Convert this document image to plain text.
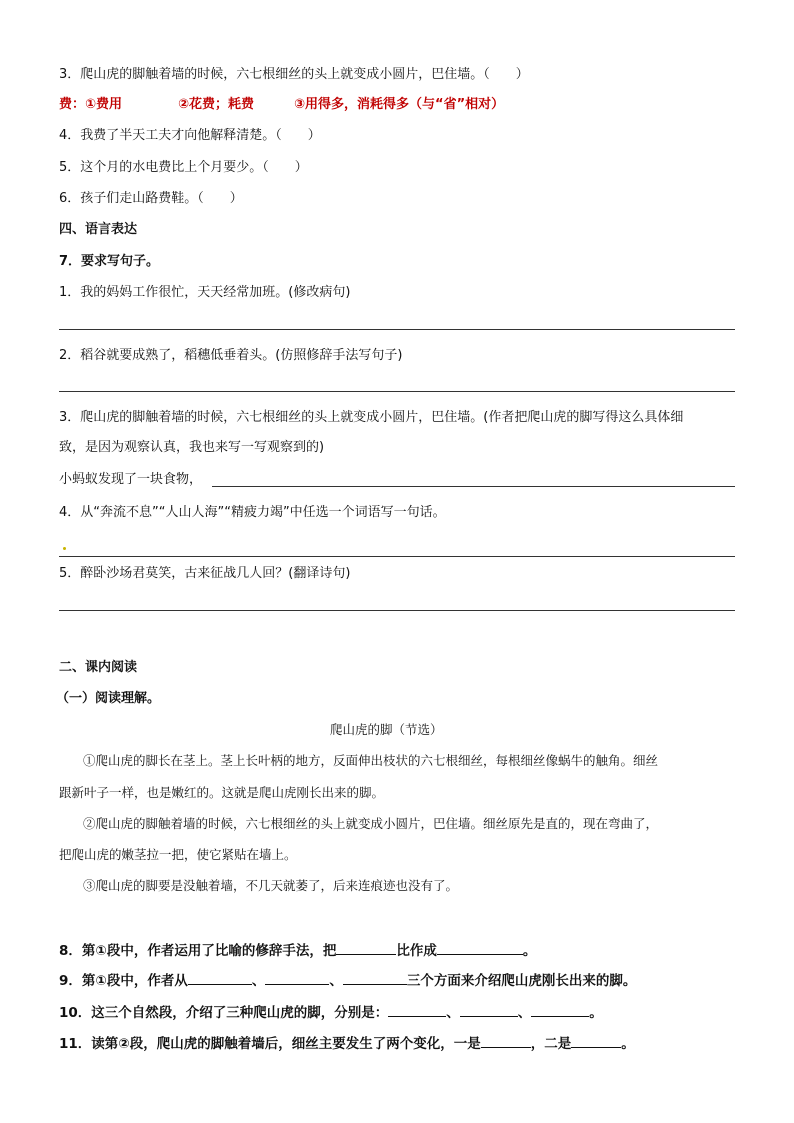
3．爬山虎的脚触着墙的时候，六七根细丝的头上就变成小圆片，巴住墙。（　　）
费：①费用	②花费；耗费	③用得多，消耗得多（与“省”相对）
4．我费了半天工夫才向他解释清楚。（　　）
5．这个月的水电费比上个月要少。（　　）
6．孩子们走山路费鞋。（　　）
四、语言表达
7．要求写句子。
1．我的妈妈工作很忙，天天经常加班。(修改病句)
2．稻谷就要成熟了，稻穗低垂着头。(仿照修辞手法写句子)
3．爬山虎的脚触着墙的时候，六七根细丝的头上就变成小圆片，巴住墙。(作者把爬山虎的脚写得这么具体细
致，是因为观察认真，我也来写一写观察到的)
小蚂蚁发现了一块食物，
4．从“奔流不息”“人山人海”“精疲力竭”中任选一个词语写一句话。
5．醉卧沙场君莫笑，古来征战几人回？(翻译诗句)
二、课内阅读
（一）阅读理解。
爬山虎的脚（节选）
①爬山虎的脚长在茎上。茎上长叶柄的地方，反面伸出枝状的六七根细丝，每根细丝像蜗牛的触角。细丝
跟新叶子一样，也是嫩红的。这就是爬山虎刚长出来的脚。
②爬山虎的脚触着墙的时候，六七根细丝的头上就变成小圆片，巴住墙。细丝原先是直的，现在弯曲了，
把爬山虎的嫩茎拉一把，使它紧贴在墙上。
③爬山虎的脚要是没触着墙，不几天就萎了，后来连痕迹也没有了。
8．第①段中，作者运用了比喻的修辞手法，把	比作成	。
9．第①段中，作者从	、	、	三个方面来介绍爬山虎刚长出来的脚。
10．这三个自然段，介绍了三种爬山虎的脚，分别是：	、	、	。
11．读第②段，爬山虎的脚触着墙后，细丝主要发生了两个变化，一是	，二是	。
